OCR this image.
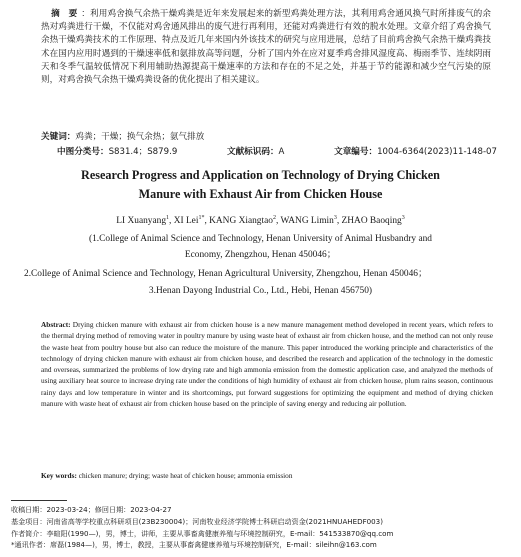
摘　要 ：利用鸡舍换气余热干燥鸡粪是近年来发展起来的新型鸡粪处理方法，其利用鸡舍通风换气时所排废气的余热对鸡粪进行干燥，不仅能对鸡舍通风排出的废气进行再利用，还能对鸡粪进行有效的脱水处理。文章介绍了鸡舍换气余热干燥鸡粪技术的工作原理、特点及近几年来国内外该技术的研究与应用进展，总结了目前鸡舍换气余热干燥鸡粪技术在国内应用时遇到的干燥速率低和氨排放高等问题，分析了国内外在应对夏季鸡舍排风湿度高、梅雨季节、连续阴雨天和冬季气温较低情况下利用辅助热源提高干燥速率的方法和存在的不足之处，并基于节约能源和减少空气污染的原则，对鸡舍换气余热干燥鸡粪设备的优化提出了相关建议。
关键词：鸡粪；干燥；换气余热；氨气排放
中图分类号：S831.4；S879.9	文献标识码：A	文章编号：1004-6364(2023)11-148-07
Research Progress and Application on Technology of Drying Chicken
Manure with Exhaust Air from Chicken House
LI Xuanyang$^1$, XI Lei$^{1*}$, KANG Xiangtao$^2$, WANG Limin$^3$, ZHAO Baoqing$^3$
(1.College of Animal Science and Technology, Henan University of Animal Husbandry and
Economy, Zhengzhou, Henan 450046；
2.College of Animal Science and Technology, Henan Agricultural University, Zhengzhou, Henan 450046；
3.Henan Dayong Industrial Co., Ltd., Hebi, Henan 456750)
Abstract: Drying chicken manure with exhaust air from chicken house is a new manure management method developed in recent years, which refers to the thermal drying method of removing water in poultry manure by using waste heat of exhaust air from chicken house, and the method can not only reuse the waste heat from poultry house but also can reduce the moisture of the manure. This paper introduced the working principle and characteristics of the technology of drying chicken manure with exhaust air from chicken house, and described the research and application of the technology in the domestic and overseas, summarized the problems of low drying rate and high ammonia emission from the domestic application case, and analyzed the methods of using auxiliary heat source to increase drying rate under the conditions of high humidity of exhaust air from chicken house, plum rains season, continuous rainy days and low temperature in winter and its shortcomings, put forward suggestions for optimizing the equipment and method of drying chicken manure with waste heat of exhaust air from chicken house based on the principle of saving energy and reducing air pollution.
Key words: chicken manure; drying; waste heat of chicken house; ammonia emission
收稿日期：2023-03-24；修回日期：2023-04-27
基金项目：河南省高等学校重点科研项目(23B230004)；河南牧业经济学院博士科研启动资金(2021HNUAHEDF003)
作者简介：李暄阳(1990—)，男，博士，讲师，主要从事畜禽健康养殖与环境控制研究，E-mail：541533870@qq.com
*通讯作者：席磊(1984—)，男，博士，教授，主要从事畜禽健康养殖与环境控制研究，E-mail：sileihn@163.com
